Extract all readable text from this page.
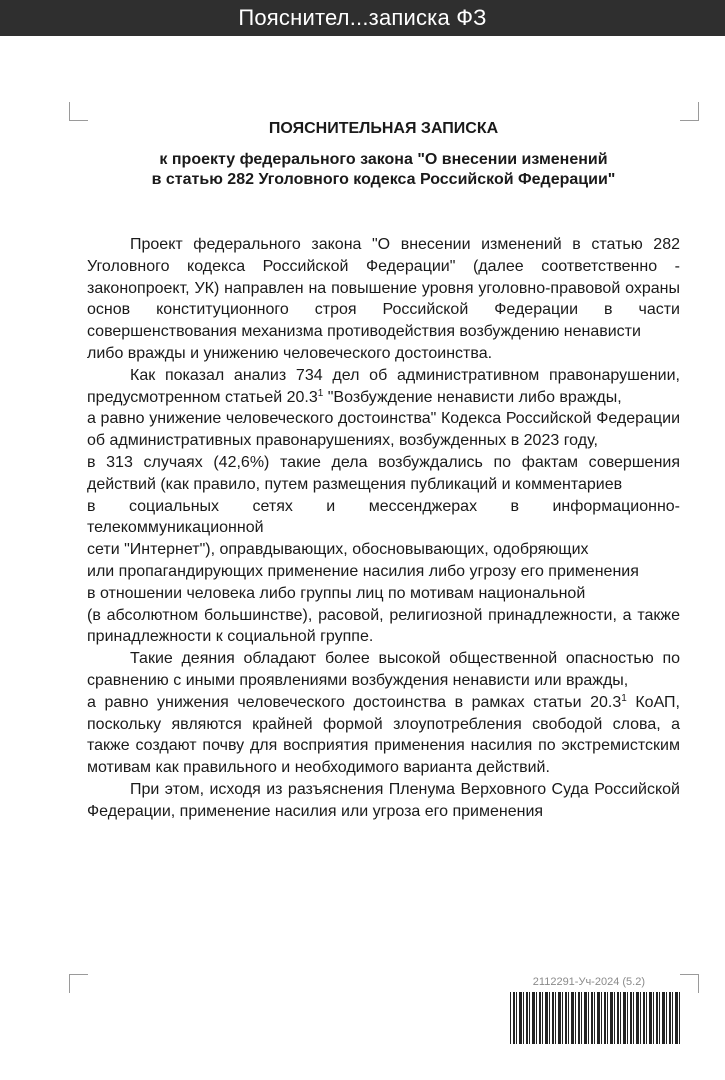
Пояснител...записка ФЗ
ПОЯСНИТЕЛЬНАЯ ЗАПИСКА
к проекту федерального закона "О внесении изменений
в статью 282 Уголовного кодекса Российской Федерации"

Проект федерального закона "О внесении изменений в статью 282 Уголовного кодекса Российской Федерации" (далее соответственно - законопроект, УК) направлен на повышение уровня уголовно-правовой охраны основ конституционного строя Российской Федерации в части совершенствования механизма противодействия возбуждению ненависти

либо вражды и унижению человеческого достоинства.

Как показал анализ 734 дел об административном правонарушении, предусмотренном статьей 20.3$^1$ "Возбуждение ненависти либо вражды,

а равно унижение человеческого достоинства" Кодекса Российской Федерации об административных правонарушениях, возбужденных в 2023 году,

в 313 случаях (42,6%) такие дела возбуждались по фактам совершения действий (как правило, путем размещения публикаций и комментариев

в социальных сетях и мессенджерах в информационно-телекоммуникационной

сети "Интернет"), оправдывающих, обосновывающих, одобряющих

или пропагандирующих применение насилия либо угрозу его применения

в отношении человека либо группы лиц по мотивам национальной

(в абсолютном большинстве), расовой, религиозной принадлежности, а также принадлежности к социальной группе.

Такие деяния обладают более высокой общественной опасностью по сравнению с иными проявлениями возбуждения ненависти или вражды,

а равно унижения человеческого достоинства в рамках статьи 20.3$^1$ КоАП, поскольку являются крайней формой злоупотребления свободой слова, а также создают почву для восприятия применения насилия по экстремистским мотивам как правильного и необходимого варианта действий.

При этом, исходя из разъяснения Пленума Верховного Суда Российской Федерации, применение насилия или угроза его применения

2112291-Уч-2024 (5.2)
